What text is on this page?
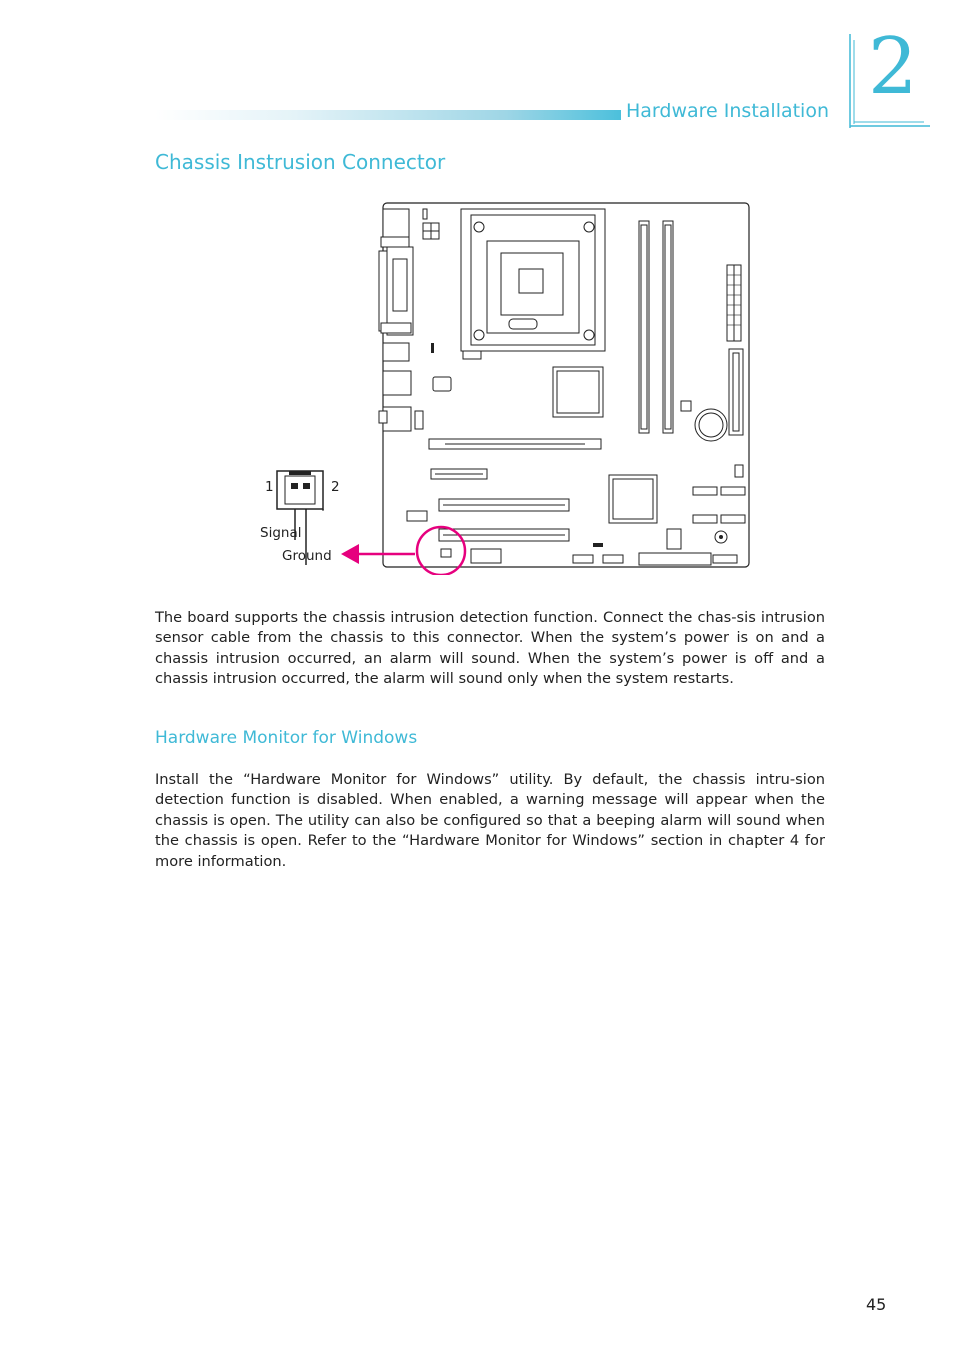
Hardware Installation 2
Chassis Instrusion Connector
1	2
Signal
Ground

The board supports the chassis intrusion detection function. Connect the chas-sis intrusion sensor cable from the chassis to this connector. When the system’s power is on and a chassis intrusion occurred, an alarm will sound. When the system’s power is off and a chassis intrusion occurred, the alarm will sound only when the system restarts.

Hardware Monitor for Windows

Install the “Hardware Monitor for Windows” utility. By default, the chassis intru-sion detection function is disabled. When enabled, a warning message will appear when the chassis is open. The utility can also be configured so that a beeping alarm will sound when the chassis is open. Refer to the “Hardware Monitor for Windows” section in chapter 4 for more information.

45
